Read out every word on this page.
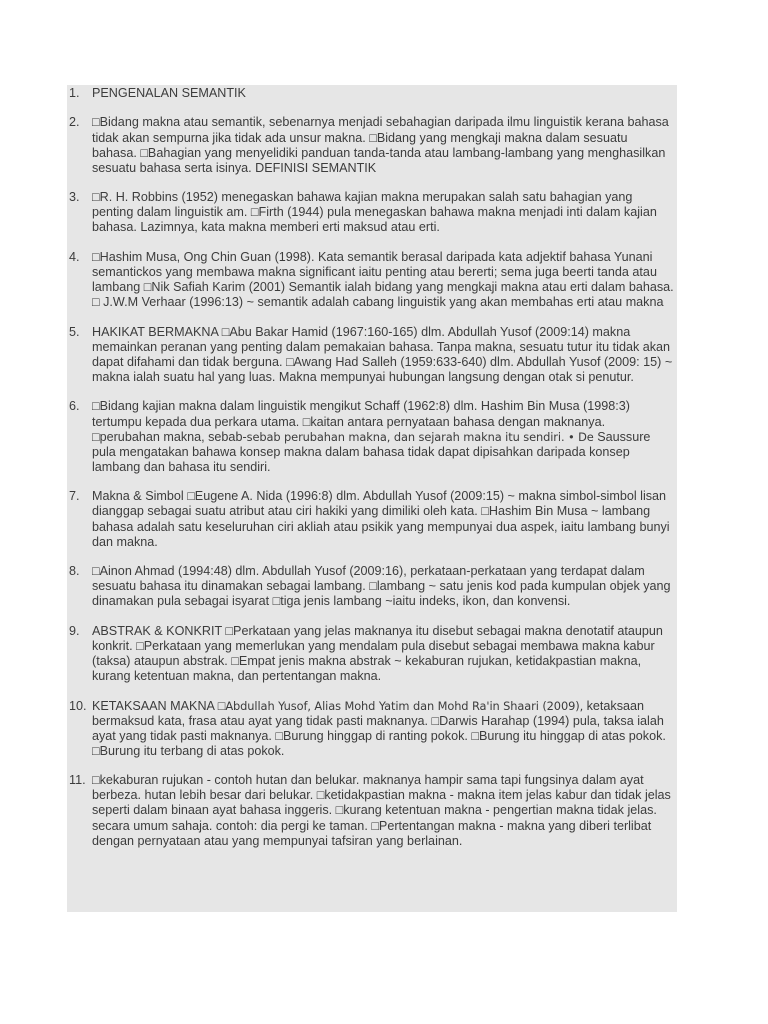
1. PENGENALAN SEMANTIK
2. □Bidang makna atau semantik, sebenarnya menjadi sebahagian daripada ilmu linguistik kerana bahasa tidak akan sempurna jika tidak ada unsur makna. □Bidang yang mengkaji makna dalam sesuatu bahasa. □Bahagian yang menyelidiki panduan tanda-tanda atau lambang-lambang yang menghasilkan sesuatu bahasa serta isinya. DEFINISI SEMANTIK
3. □R. H. Robbins (1952) menegaskan bahawa kajian makna merupakan salah satu bahagian yang penting dalam linguistik am. □Firth (1944) pula menegaskan bahawa makna menjadi inti dalam kajian bahasa. Lazimnya, kata makna memberi erti maksud atau erti.
4. □Hashim Musa, Ong Chin Guan (1998). Kata semantik berasal daripada kata adjektif bahasa Yunani semantickos yang membawa makna significant iaitu penting atau bererti; sema juga beerti tanda atau lambang □Nik Safiah Karim (2001) Semantik ialah bidang yang mengkaji makna atau erti dalam bahasa. □ J.W.M Verhaar (1996:13) ~ semantik adalah cabang linguistik yang akan membahas erti atau makna
5. HAKIKAT BERMAKNA □Abu Bakar Hamid (1967:160-165) dlm. Abdullah Yusof (2009:14) makna memainkan peranan yang penting dalam pemakaian bahasa. Tanpa makna, sesuatu tutur itu tidak akan dapat difahami dan tidak berguna. □Awang Had Salleh (1959:633-640) dlm. Abdullah Yusof (2009: 15) ~ makna ialah suatu hal yang luas. Makna mempunyai hubungan langsung dengan otak si penutur.
6. □Bidang kajian makna dalam linguistik mengikut Schaff (1962:8) dlm. Hashim Bin Musa (1998:3) tertumpu kepada dua perkara utama. □kaitan antara pernyataan bahasa dengan maknanya. □perubahan makna, sebab-sebab perubahan makna, dan sejarah makna itu sendiri. • De Saussure pula mengatakan bahawa konsep makna dalam bahasa tidak dapat dipisahkan daripada konsep lambang dan bahasa itu sendiri.
7. Makna & Simbol □Eugene A. Nida (1996:8) dlm. Abdullah Yusof (2009:15) ~ makna simbol-simbol lisan dianggap sebagai suatu atribut atau ciri hakiki yang dimiliki oleh kata. □Hashim Bin Musa ~ lambang bahasa adalah satu keseluruhan ciri akliah atau psikik yang mempunyai dua aspek, iaitu lambang bunyi dan makna.
8. □Ainon Ahmad (1994:48) dlm. Abdullah Yusof (2009:16), perkataan-perkataan yang terdapat dalam sesuatu bahasa itu dinamakan sebagai lambang. □lambang ~ satu jenis kod pada kumpulan objek yang dinamakan pula sebagai isyarat □tiga jenis lambang ~iaitu indeks, ikon, dan konvensi.
9. ABSTRAK & KONKRIT □Perkataan yang jelas maknanya itu disebut sebagai makna denotatif ataupun konkrit. □Perkataan yang memerlukan yang mendalam pula disebut sebagai membawa makna kabur (taksa) ataupun abstrak. □Empat jenis makna abstrak ~ kekaburan rujukan, ketidakpastian makna, kurang ketentuan makna, dan pertentangan makna.
10. KETAKSAAN MAKNA □Abdullah Yusof, Alias Mohd Yatim dan Mohd Ra'in Shaari (2009), ketaksaan bermaksud kata, frasa atau ayat yang tidak pasti maknanya. □Darwis Harahap (1994) pula, taksa ialah ayat yang tidak pasti maknanya. □Burung hinggap di ranting pokok. □Burung itu hinggap di atas pokok. □Burung itu terbang di atas pokok.
11. □kekaburan rujukan - contoh hutan dan belukar. maknanya hampir sama tapi fungsinya dalam ayat berbeza. hutan lebih besar dari belukar. □ketidakpastian makna - makna item jelas kabur dan tidak jelas seperti dalam binaan ayat bahasa inggeris. □kurang ketentuan makna - pengertian makna tidak jelas. secara umum sahaja. contoh: dia pergi ke taman. □Pertentangan makna - makna yang diberi terlibat dengan pernyataan atau yang mempunyai tafsiran yang berlainan.
